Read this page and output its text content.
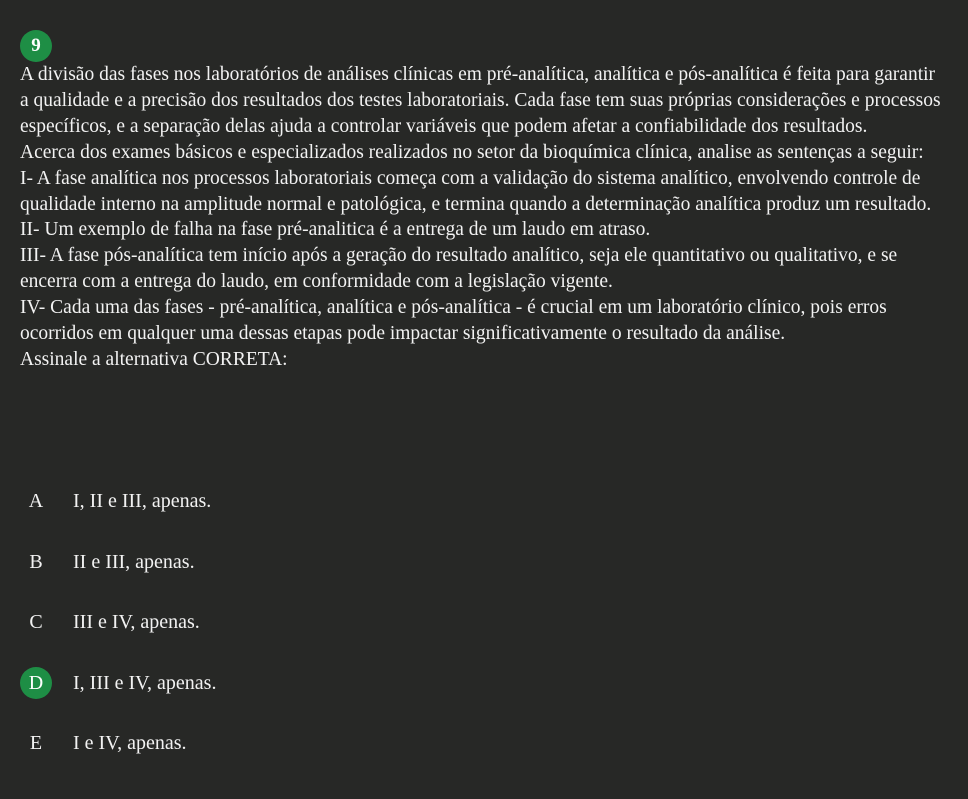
9

A divisão das fases nos laboratórios de análises clínicas em pré-analítica, analítica e pós-analítica é feita para garantir a qualidade e a precisão dos resultados dos testes laboratoriais. Cada fase tem suas próprias considerações e processos específicos, e a separação delas ajuda a controlar variáveis que podem afetar a confiabilidade dos resultados.

Acerca dos exames básicos e especializados realizados no setor da bioquímica clínica, analise as sentenças a seguir:

I- A fase analítica nos processos laboratoriais começa com a validação do sistema analítico, envolvendo controle de qualidade interno na amplitude normal e patológica, e termina quando a determinação analítica produz um resultado.

II- Um exemplo de falha na fase pré-analitica é a entrega de um laudo em atraso.

III- A fase pós-analítica tem início após a geração do resultado analítico, seja ele quantitativo ou qualitativo, e se encerra com a entrega do laudo, em conformidade com a legislação vigente.

IV- Cada uma das fases - pré-analítica, analítica e pós-analítica - é crucial em um laboratório clínico, pois erros ocorridos em qualquer uma dessas etapas pode impactar significativamente o resultado da análise.

Assinale a alternativa CORRETA:

A	I, II e III, apenas.
B	II e III, apenas.
C	III e IV, apenas.
D	I, III e IV, apenas.
E	I e IV, apenas.
